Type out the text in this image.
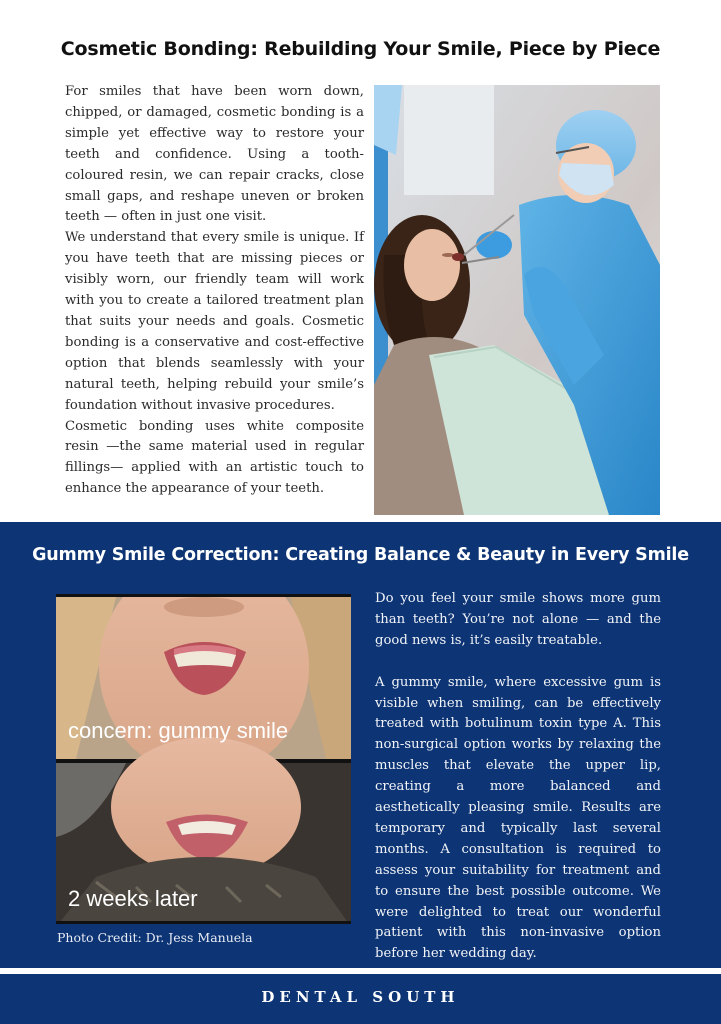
Cosmetic Bonding: Rebuilding Your Smile, Piece by Piece

For smiles that have been worn down, chipped, or damaged, cosmetic bonding is a simple yet effective way to restore your teeth and confidence. Using a tooth-coloured resin, we can repair cracks, close small gaps, and reshape uneven or broken teeth — often in just one visit.

We understand that every smile is unique. If you have teeth that are missing pieces or visibly worn, our friendly team will work with you to create a tailored treatment plan that suits your needs and goals. Cosmetic bonding is a conservative and cost-effective option that blends seamlessly with your natural teeth, helping rebuild your smile’s foundation without invasive procedures.

Cosmetic bonding uses white composite resin —the same material used in regular fillings— applied with an artistic touch to enhance the appearance of your teeth.

Gummy Smile Correction: Creating Balance & Beauty in Every Smile
concern: gummy smile
2 weeks later
Photo Credit: Dr. Jess Manuela

Do you feel your smile shows more gum than teeth? You’re not alone — and the good news is, it’s easily treatable.

A gummy smile, where excessive gum is visible when smiling, can be effectively treated with botulinum toxin type A. This non-surgical option works by relaxing the muscles that elevate the upper lip, creating a more balanced and aesthetically pleasing smile. Results are temporary and typically last several months. A consultation is required to assess your suitability for treatment and to ensure the best possible outcome. We were delighted to treat our wonderful patient with this non-invasive option before her wedding day.

DENTAL SOUTH
